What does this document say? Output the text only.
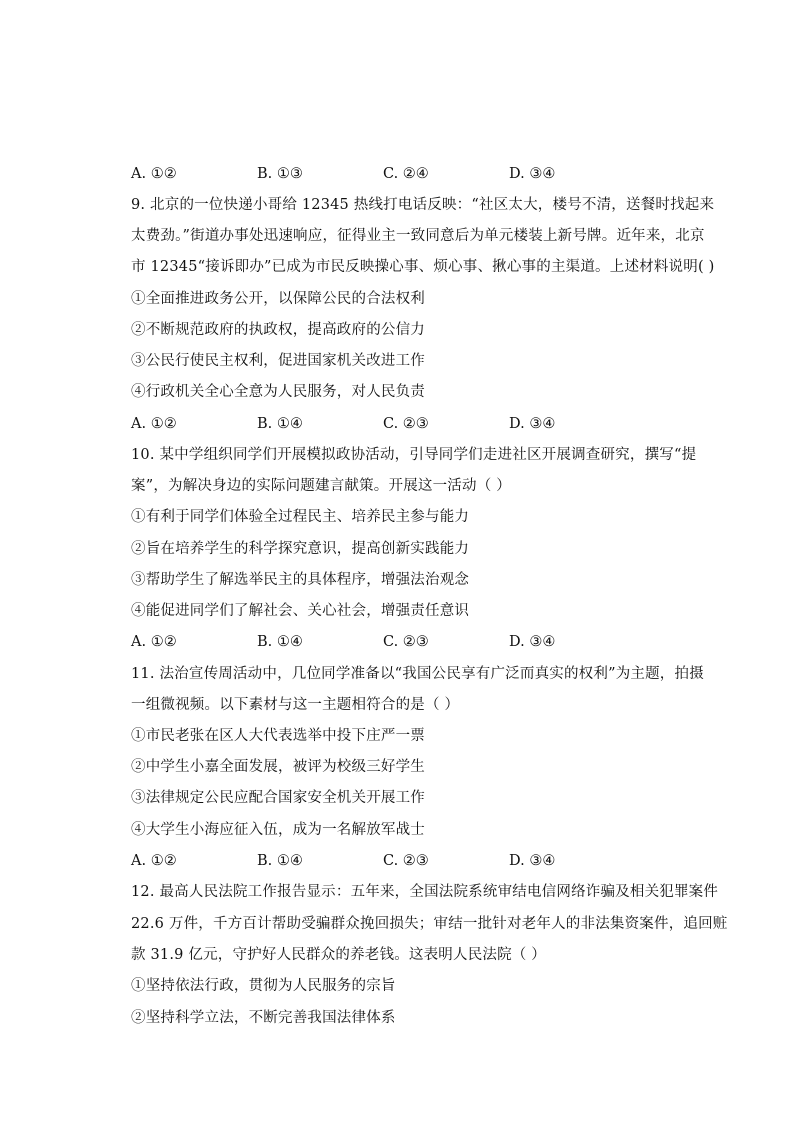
A. ①②	B. ①③	C. ②④	D. ③④
9. 北京的一位快递小哥给 12345 热线打电话反映：“社区太大，楼号不清，送餐时找起来
太费劲。”街道办事处迅速响应，征得业主一致同意后为单元楼装上新号牌。近年来，北京
市 12345“接诉即办”已成为市民反映操心事、烦心事、揪心事的主渠道。上述材料说明( )
①全面推进政务公开，以保障公民的合法权利
②不断规范政府的执政权，提高政府的公信力
③公民行使民主权利，促进国家机关改进工作
④行政机关全心全意为人民服务，对人民负责
A. ①②	B. ①④	C. ②③	D. ③④
10. 某中学组织同学们开展模拟政协活动，引导同学们走进社区开展调查研究，撰写“提
案”，为解决身边的实际问题建言献策。开展这一活动（ ）
①有利于同学们体验全过程民主、培养民主参与能力
②旨在培养学生的科学探究意识，提高创新实践能力
③帮助学生了解选举民主的具体程序，增强法治观念
④能促进同学们了解社会、关心社会，增强责任意识
A. ①②	B. ①④	C. ②③	D. ③④
11. 法治宣传周活动中，几位同学准备以“我国公民享有广泛而真实的权利”为主题，拍摄
一组微视频。以下素材与这一主题相符合的是（ ）
①市民老张在区人大代表选举中投下庄严一票
②中学生小嘉全面发展，被评为校级三好学生
③法律规定公民应配合国家安全机关开展工作
④大学生小海应征入伍，成为一名解放军战士
A. ①②	B. ①④	C. ②③	D. ③④
12. 最高人民法院工作报告显示：五年来，全国法院系统审结电信网络诈骗及相关犯罪案件
22.6 万件，千方百计帮助受骗群众挽回损失；审结一批针对老年人的非法集资案件，追回赃
款 31.9 亿元，守护好人民群众的养老钱。这表明人民法院（ ）
①坚持依法行政，贯彻为人民服务的宗旨
②坚持科学立法，不断完善我国法律体系
